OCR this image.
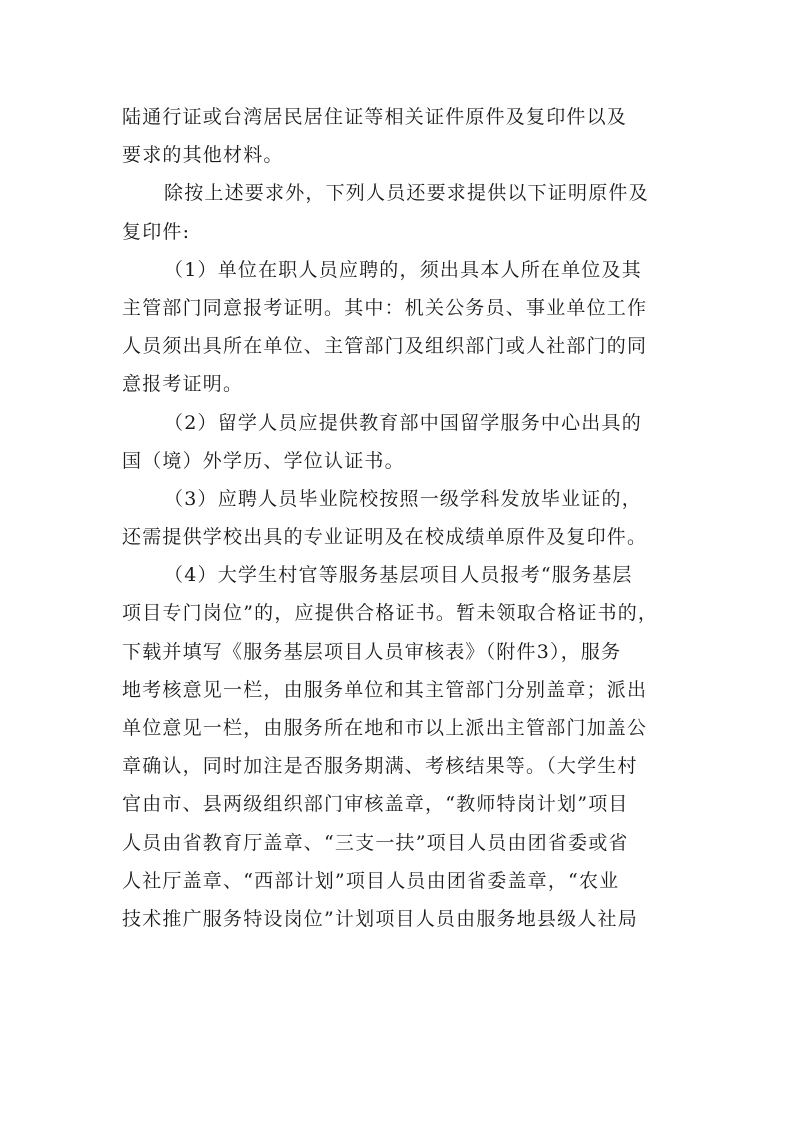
陆通行证或台湾居民居住证等相关证件原件及复印件以及
要求的其他材料。
除按上述要求外，下列人员还要求提供以下证明原件及
复印件:
（1）单位在职人员应聘的，须出具本人所在单位及其
主管部门同意报考证明。其中：机关公务员、事业单位工作
人员须出具所在单位、主管部门及组织部门或人社部门的同
意报考证明。
（2）留学人员应提供教育部中国留学服务中心出具的
国（境）外学历、学位认证书。
（3）应聘人员毕业院校按照一级学科发放毕业证的，
还需提供学校出具的专业证明及在校成绩单原件及复印件。
（4）大学生村官等服务基层项目人员报考“服务基层
项目专门岗位”的，应提供合格证书。暂未领取合格证书的，
下载并填写《服务基层项目人员审核表》（附件3），服务
地考核意见一栏，由服务单位和其主管部门分别盖章；派出
单位意见一栏，由服务所在地和市以上派出主管部门加盖公
章确认，同时加注是否服务期满、考核结果等。（大学生村
官由市、县两级组织部门审核盖章，“教师特岗计划”项目
人员由省教育厅盖章、“三支一扶”项目人员由团省委或省
人社厅盖章、“西部计划”项目人员由团省委盖章，“农业
技术推广服务特设岗位”计划项目人员由服务地县级人社局
